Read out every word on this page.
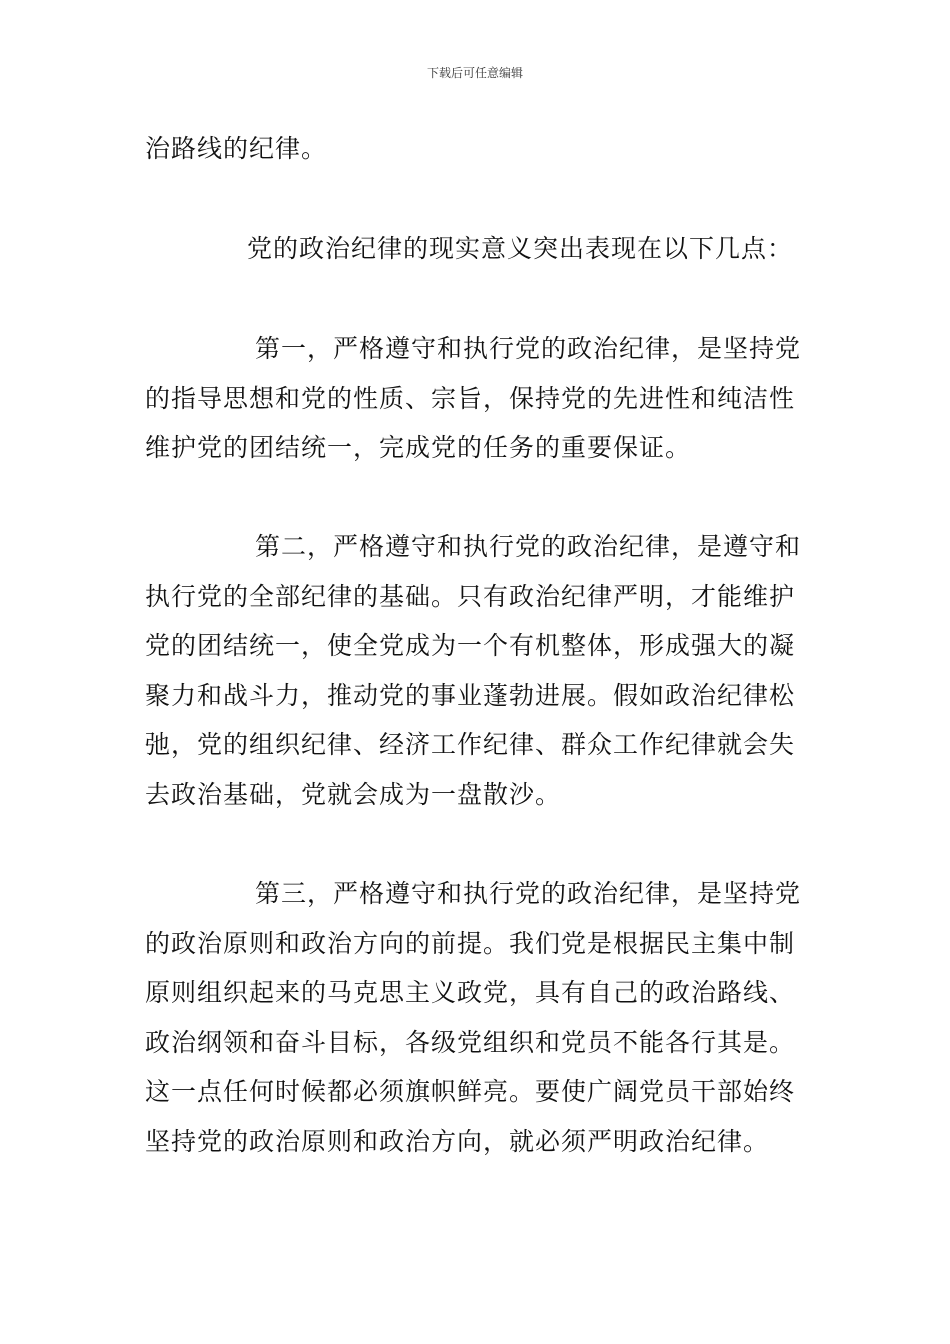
下载后可任意编辑

治路线的纪律。

党的政治纪律的现实意义突出表现在以下几点：

第一，严格遵守和执行党的政治纪律，是坚持党的指导思想和党的性质、宗旨，保持党的先进性和纯洁性维护党的团结统一，完成党的任务的重要保证。

第二，严格遵守和执行党的政治纪律，是遵守和执行党的全部纪律的基础。只有政治纪律严明，才能维护党的团结统一，使全党成为一个有机整体，形成强大的凝聚力和战斗力，推动党的事业蓬勃进展。假如政治纪律松弛，党的组织纪律、经济工作纪律、群众工作纪律就会失去政治基础，党就会成为一盘散沙。

第三，严格遵守和执行党的政治纪律，是坚持党的政治原则和政治方向的前提。我们党是根据民主集中制原则组织起来的马克思主义政党，具有自己的政治路线、政治纲领和奋斗目标，各级党组织和党员不能各行其是。这一点任何时候都必须旗帜鲜亮。要使广阔党员干部始终坚持党的政治原则和政治方向，就必须严明政治纪律。
